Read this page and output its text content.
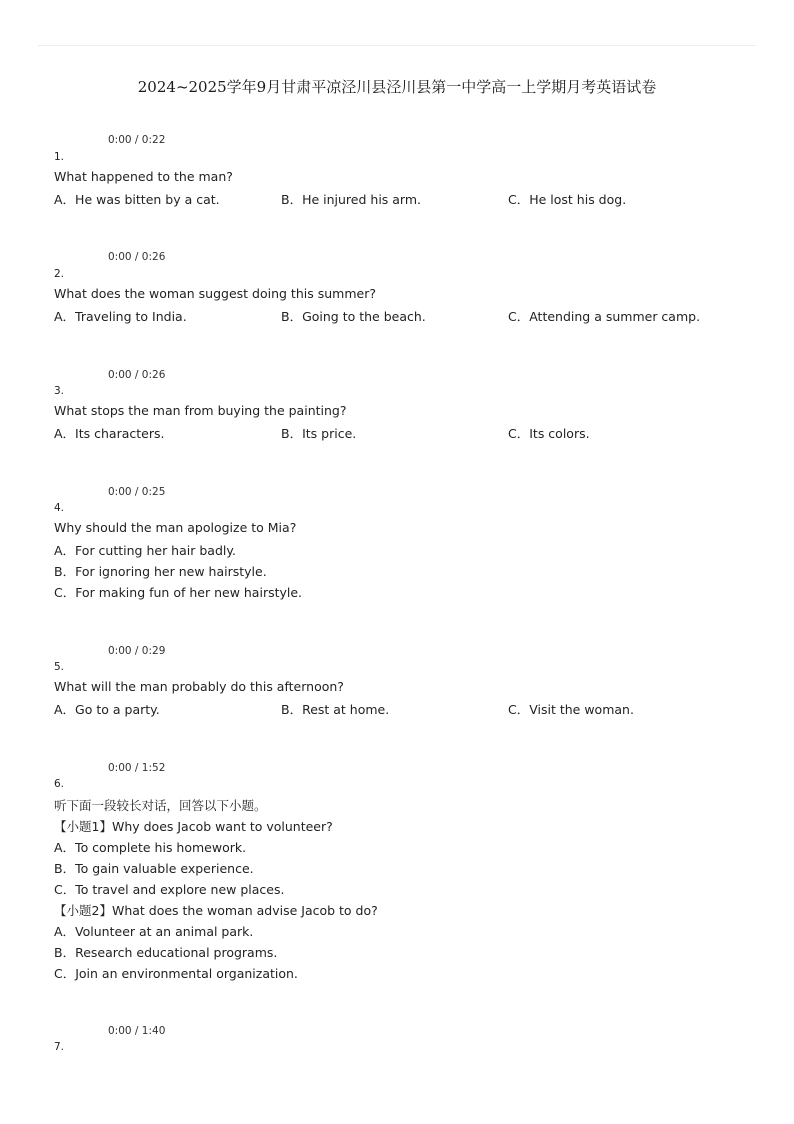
2024~2025学年9月甘肃平凉泾川县泾川县第一中学高一上学期月考英语试卷
0:00 / 0:22
1.
What happened to the man?
A．He was bitten by a cat.	B．He injured his arm.	C．He lost his dog.
0:00 / 0:26
2.
What does the woman suggest doing this summer?
A．Traveling to India.	B．Going to the beach.	C．Attending a summer camp.
0:00 / 0:26
3.
What stops the man from buying the painting?
A．Its characters.	B．Its price.	C．Its colors.
0:00 / 0:25
4.
Why should the man apologize to Mia?
A．For cutting her hair badly.
B．For ignoring her new hairstyle.
C．For making fun of her new hairstyle.
0:00 / 0:29
5.
What will the man probably do this afternoon?
A．Go to a party.	B．Rest at home.	C．Visit the woman.
0:00 / 1:52
6.
听下面一段较长对话，回答以下小题。
【小题1】Why does Jacob want to volunteer?
A．To complete his homework.
B．To gain valuable experience.
C．To travel and explore new places.
【小题2】What does the woman advise Jacob to do?
A．Volunteer at an animal park.
B．Research educational programs.
C．Join an environmental organization.
0:00 / 1:40
7.
